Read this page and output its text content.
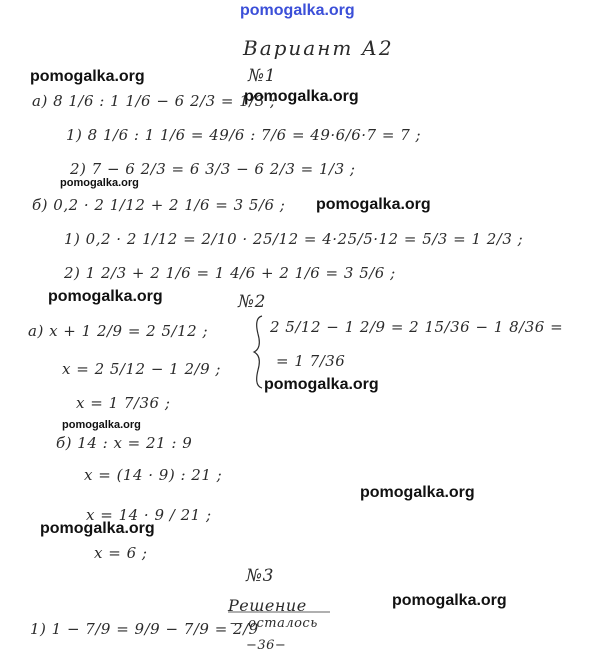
pomogalka.org
Вариант А2
№1
а) 8 1/6 : 1 1/6 − 6 2/3 = 1/3 ;
1) 8 1/6 : 1 1/6 = 49/6 : 7/6 = 49·6/6·7 = 7 ;
2) 7 − 6 2/3 = 6 3/3 − 6 2/3 = 1/3 ;
б) 0,2 · 2 1/12 + 2 1/6 = 3 5/6 ;
1) 0,2 · 2 1/12 = 2/10 · 25/12 = 4·25/5·12 = 5/3 = 1 2/3 ;
2) 1 2/3 + 2 1/6 = 1 4/6 + 2 1/6 = 3 5/6 ;
№2
а) x + 1 2/9 = 2 5/12 ;
x = 2 5/12 − 1 2/9 ;
x = 1 7/36 ;
2 5/12 − 1 2/9 = 2 15/36 − 1 8/36 =
= 1 7/36
б) 14 : x = 21 : 9
x = (14 · 9) : 21 ;
x = 14 · 9 / 21 ;
x = 6 ;
№3
1) 1 − 7/9 = 9/9 − 7/9 = 2/9
Решение
— осталось
−36−
pomogalka.org
pomogalka.org
pomogalka.org
pomogalka.org
pomogalka.org
pomogalka.org
pomogalka.org
pomogalka.org
pomogalka.org
pomogalka.org
